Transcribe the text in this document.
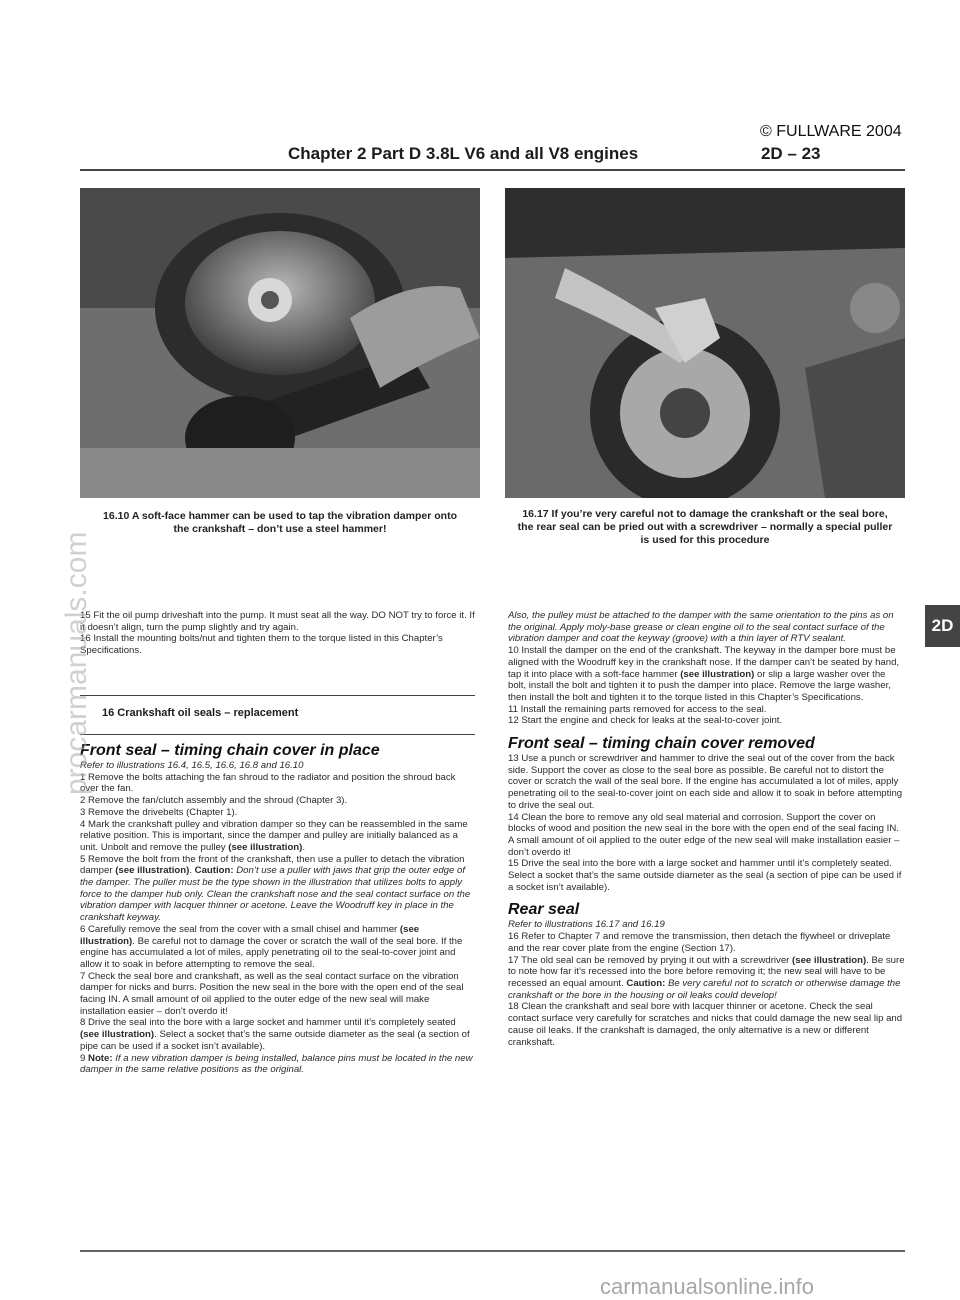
© FULLWARE 2004
Chapter 2 Part D 3.8L V6 and all V8 engines	2D – 23
16.10 A soft-face hammer can be used to tap the vibration damper onto the crankshaft – don’t use a steel hammer!
16.17 If you’re very careful not to damage the crankshaft or the seal bore, the rear seal can be pried out with a screwdriver – normally a special puller is used for this procedure
2D

15 Fit the oil pump driveshaft into the pump. It must seat all the way. DO NOT try to force it. If it doesn’t align, turn the pump slightly and try again.

16 Install the mounting bolts/nut and tighten them to the torque listed in this Chapter’s Specifications.

16 Crankshaft oil seals – replacement

Front seal – timing chain cover in place

Refer to illustrations 16.4, 16.5, 16.6, 16.8 and 16.10

1 Remove the bolts attaching the fan shroud to the radiator and position the shroud back over the fan.

2 Remove the fan/clutch assembly and the shroud (Chapter 3).

3 Remove the drivebelts (Chapter 1).

4 Mark the crankshaft pulley and vibration damper so they can be reassembled in the same relative position. This is important, since the damper and pulley are initially balanced as a unit. Unbolt and remove the pulley (see illustration).

5 Remove the bolt from the front of the crankshaft, then use a puller to detach the vibration damper (see illustration). Caution: Don’t use a puller with jaws that grip the outer edge of the damper. The puller must be the type shown in the illustration that utilizes bolts to apply force to the damper hub only. Clean the crankshaft nose and the seal contact surface on the vibration damper with lacquer thinner or acetone. Leave the Woodruff key in place in the crankshaft keyway.

6 Carefully remove the seal from the cover with a small chisel and hammer (see illustration). Be careful not to damage the cover or scratch the wall of the seal bore. If the engine has accumulated a lot of miles, apply penetrating oil to the seal-to-cover joint and allow it to soak in before attempting to remove the seal.

7 Check the seal bore and crankshaft, as well as the seal contact surface on the vibration damper for nicks and burrs. Position the new seal in the bore with the open end of the seal facing IN. A small amount of oil applied to the outer edge of the new seal will make installation easier – don’t overdo it!

8 Drive the seal into the bore with a large socket and hammer until it’s completely seated (see illustration). Select a socket that’s the same outside diameter as the seal (a section of pipe can be used if a socket isn’t available).

9 Note: If a new vibration damper is being installed, balance pins must be located in the new damper in the same relative positions as the original.

Also, the pulley must be attached to the damper with the same orientation to the pins as on the original. Apply moly-base grease or clean engine oil to the seal contact surface of the vibration damper and coat the keyway (groove) with a thin layer of RTV sealant.

10 Install the damper on the end of the crankshaft. The keyway in the damper bore must be aligned with the Woodruff key in the crankshaft nose. If the damper can’t be seated by hand, tap it into place with a soft-face hammer (see illustration) or slip a large washer over the bolt, install the bolt and tighten it to push the damper into place. Remove the large washer, then install the bolt and tighten it to the torque listed in this Chapter’s Specifications.

11 Install the remaining parts removed for access to the seal.

12 Start the engine and check for leaks at the seal-to-cover joint.

Front seal – timing chain cover removed

13 Use a punch or screwdriver and hammer to drive the seal out of the cover from the back side. Support the cover as close to the seal bore as possible. Be careful not to distort the cover or scratch the wall of the seal bore. If the engine has accumulated a lot of miles, apply penetrating oil to the seal-to-cover joint on each side and allow it to soak in before attempting to drive the seal out.

14 Clean the bore to remove any old seal material and corrosion. Support the cover on blocks of wood and position the new seal in the bore with the open end of the seal facing IN. A small amount of oil applied to the outer edge of the new seal will make installation easier – don’t overdo it!

15 Drive the seal into the bore with a large socket and hammer until it’s completely seated. Select a socket that’s the same outside diameter as the seal (a section of pipe can be used if a socket isn’t available).

Rear seal

Refer to illustrations 16.17 and 16.19

16 Refer to Chapter 7 and remove the transmission, then detach the flywheel or driveplate and the rear cover plate from the engine (Section 17).

17 The old seal can be removed by prying it out with a screwdriver (see illustration). Be sure to note how far it’s recessed into the bore before removing it; the new seal will have to be recessed an equal amount. Caution: Be very careful not to scratch or otherwise damage the crankshaft or the bore in the housing or oil leaks could develop!

18 Clean the crankshaft and seal bore with lacquer thinner or acetone. Check the seal contact surface very carefully for scratches and nicks that could damage the new seal lip and cause oil leaks. If the crankshaft is damaged, the only alternative is a new or different crankshaft.

procarmanuals.com
carmanualsonline.info
